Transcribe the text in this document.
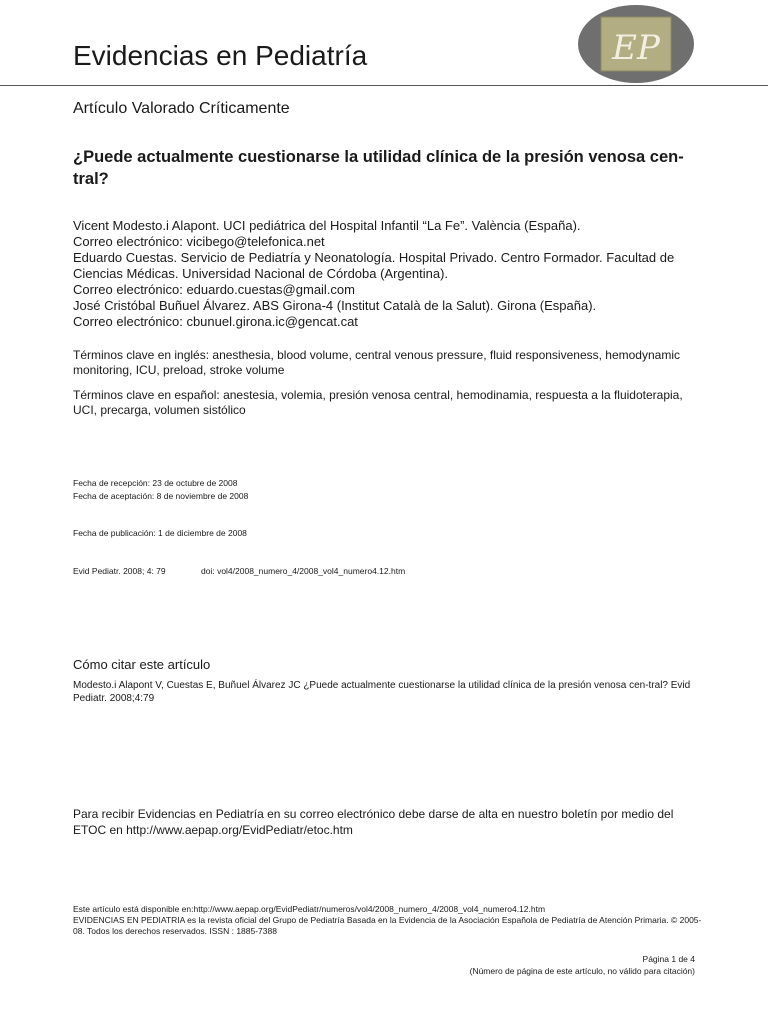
Evidencias en Pediatría	EP
Artículo Valorado Críticamente
¿Puede actualmente cuestionarse la utilidad clínica de la presión venosa cen-tral?
Vicent Modesto.i Alapont. UCI pediátrica del Hospital Infantil “La Fe”. València (España).
Correo electrónico: vicibego@telefonica.net
Eduardo Cuestas. Servicio de Pediatría y Neonatología. Hospital Privado. Centro Formador. Facultad de
Ciencias Médicas. Universidad Nacional de Córdoba (Argentina).
Correo electrónico: eduardo.cuestas@gmail.com
José Cristóbal Buñuel Álvarez. ABS Girona-4 (Institut Català de la Salut). Girona (España).
Correo electrónico: cbunuel.girona.ic@gencat.cat
Términos clave en inglés: anesthesia, blood volume, central venous pressure, fluid responsiveness, hemodynamic monitoring, ICU, preload, stroke volume
Términos clave en español: anestesia, volemia, presión venosa central, hemodinamia, respuesta a la fluidoterapia, UCI, precarga, volumen sistólico
Fecha de recepción: 23 de octubre de 2008
Fecha de aceptación: 8 de noviembre de 2008
Fecha de publicación: 1 de diciembre de 2008
Evid Pediatr. 2008; 4: 79	doi: vol4/2008_numero_4/2008_vol4_numero4.12.htm
Cómo citar este artículo
Modesto.i Alapont V, Cuestas E, Buñuel Álvarez JC ¿Puede actualmente cuestionarse la utilidad clínica de la presión venosa cen-tral? Evid Pediatr. 2008;4:79
Para recibir Evidencias en Pediatría en su correo electrónico debe darse de alta en nuestro boletín por medio del ETOC en http://www.aepap.org/EvidPediatr/etoc.htm
Este artículo está disponible en:http://www.aepap.org/EvidPediatr/numeros/vol4/2008_numero_4/2008_vol4_numero4.12.htm
EVIDENCIAS EN PEDIATRIA es la revista oficial del Grupo de Pediatría Basada en la Evidencia de la Asociación Española de Pediatría de Atención Primaria. © 2005-08. Todos los derechos reservados. ISSN : 1885-7388
Página 1 de 4
(Número de página de este artículo, no válido para citación)
